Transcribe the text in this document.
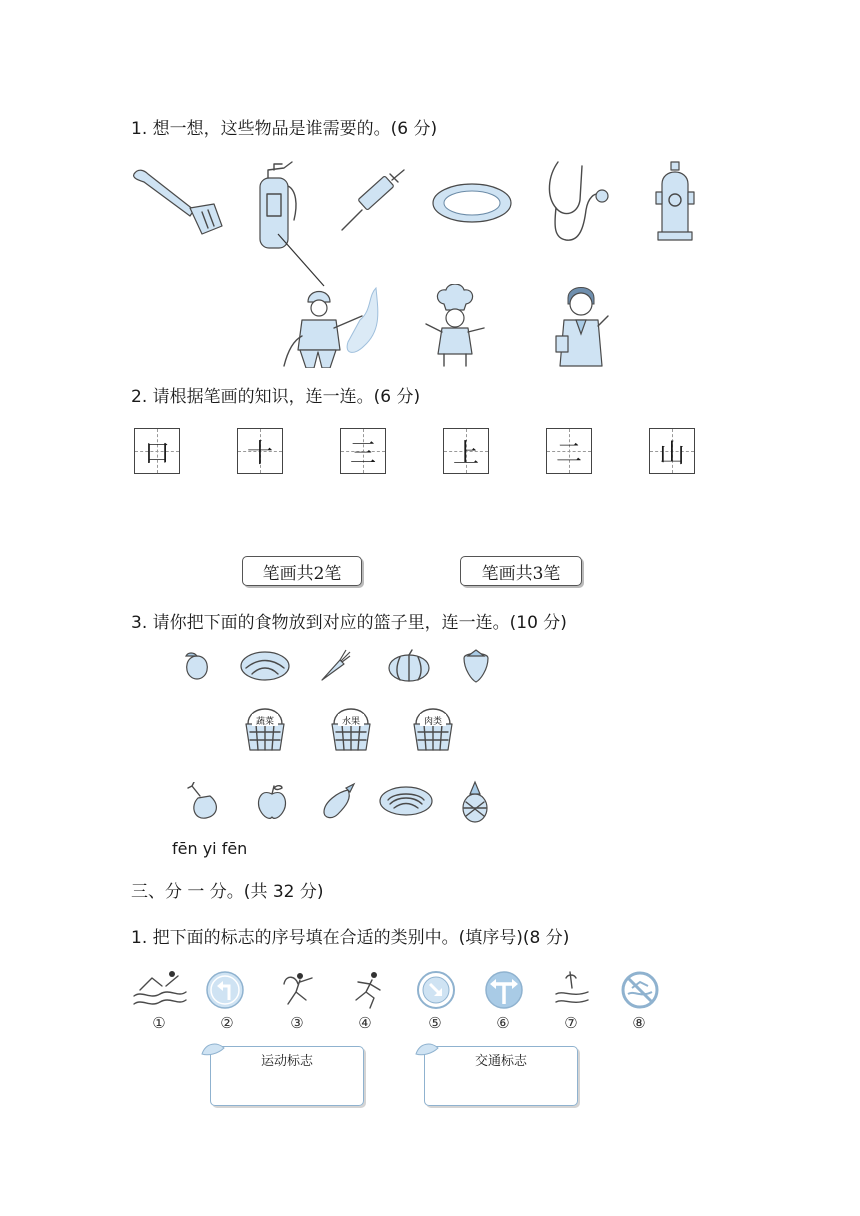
1. 想一想，这些物品是谁需要的。(6 分)
2. 请根据笔画的知识，连一连。(6 分)
口	十	三	上	二	山
笔画共2笔	笔画共3笔
3. 请你把下面的食物放到对应的篮子里，连一连。(10 分)
蔬菜	水果	肉类
fēn yi fēn
三、分 一 分。(共 32 分)
1. 把下面的标志的序号填在合适的类别中。(填序号)(8 分)
①	②	③	④	⑤	⑥	⑦	⑧
运动标志	交通标志
